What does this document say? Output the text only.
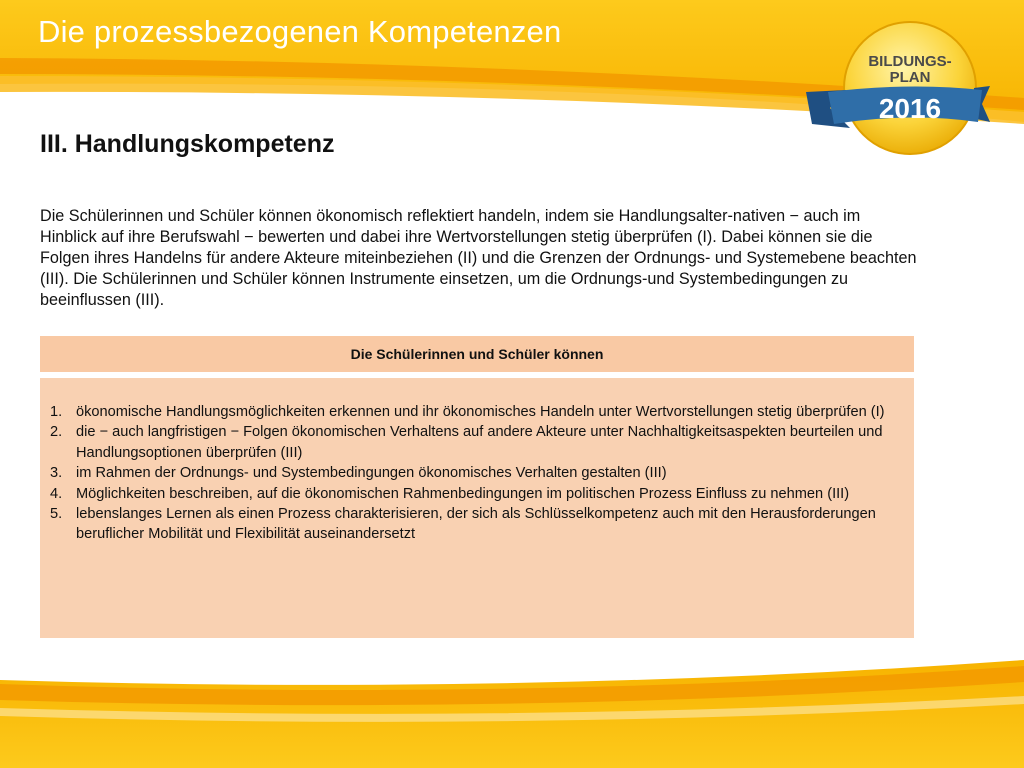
Die prozessbezogenen Kompetenzen
BILDUNGS-
PLAN
2016
III. Handlungskompetenz

Die Schülerinnen und Schüler können ökonomisch reflektiert handeln, indem sie Handlungsalter-nativen − auch im Hinblick auf ihre Berufswahl − bewerten und dabei ihre Wertvorstellungen stetig überprüfen (I). Dabei können sie die Folgen ihres Handelns für andere Akteure miteinbeziehen (II) und die Grenzen der Ordnungs- und Systemebene beachten (III). Die Schülerinnen und Schüler können Instrumente einsetzen, um die Ordnungs-und Systembedingungen zu beeinflussen (III).

Die Schülerinnen und Schüler können
1. ökonomische Handlungsmöglichkeiten erkennen und ihr ökonomisches Handeln unter Wertvorstellungen stetig überprüfen (I)
2. die − auch langfristigen − Folgen ökonomischen Verhaltens auf andere Akteure unter Nachhaltigkeitsaspekten beurteilen und Handlungsoptionen überprüfen (III)
3. im Rahmen der Ordnungs- und Systembedingungen ökonomisches Verhalten gestalten (III)
4. Möglichkeiten beschreiben, auf die ökonomischen Rahmenbedingungen im politischen Prozess Einfluss zu nehmen (III)
5. lebenslanges Lernen als einen Prozess charakterisieren, der sich als Schlüsselkompetenz auch mit den Herausforderungen beruflicher Mobilität und Flexibilität auseinandersetzt
